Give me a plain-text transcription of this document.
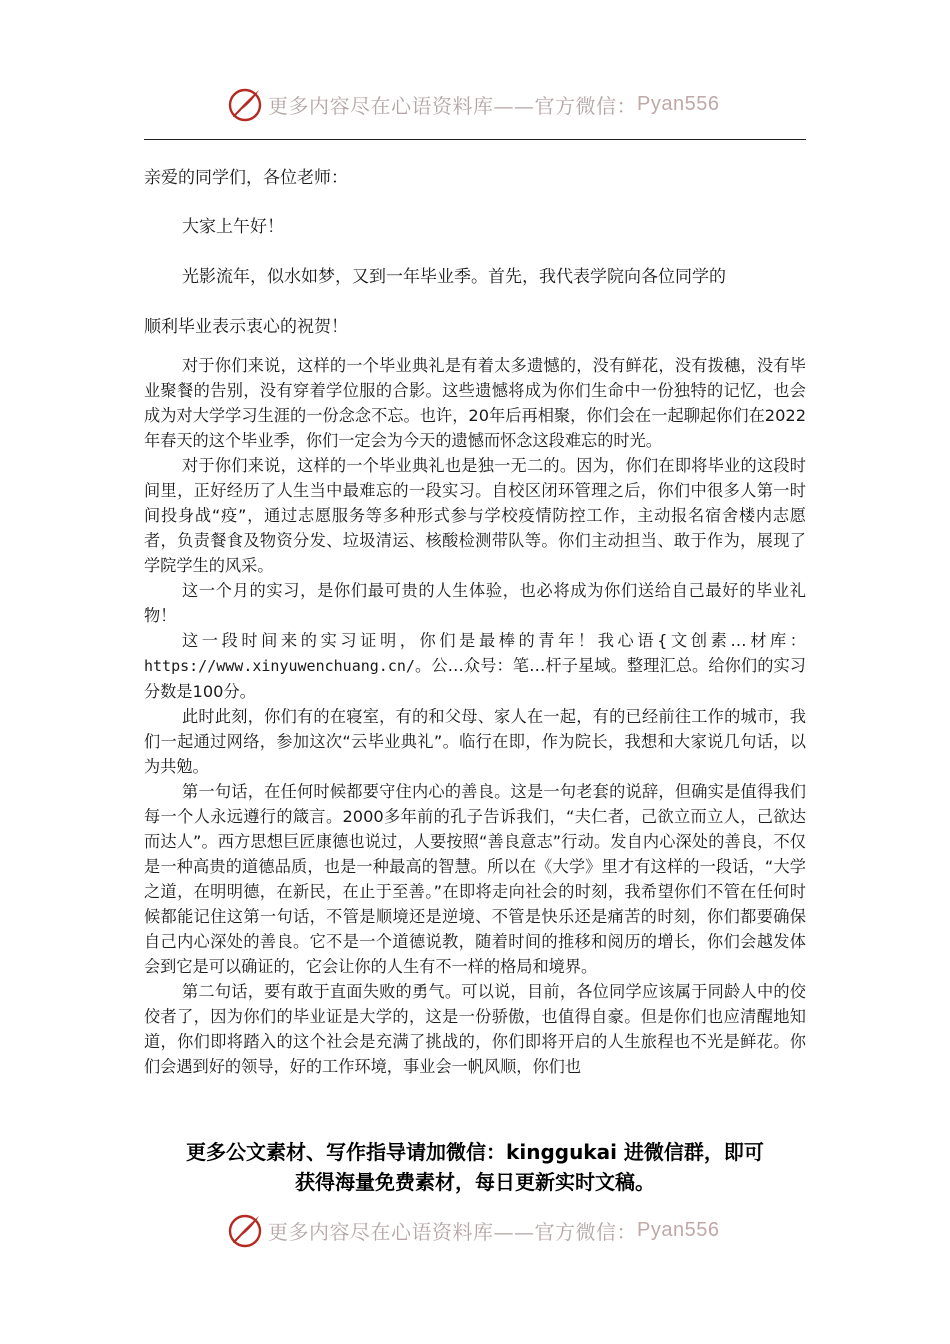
更多内容尽在心语资料库——官方微信： Pyan556
亲爱的同学们，各位老师：
大家上午好！
光影流年，似水如梦，又到一年毕业季。首先，我代表学院向各位同学的
顺利毕业表示衷心的祝贺！

对于你们来说，这样的一个毕业典礼是有着太多遗憾的，没有鲜花，没有拨穗，没有毕业聚餐的告别，没有穿着学位服的合影。这些遗憾将成为你们生命中一份独特的记忆，也会成为对大学学习生涯的一份念念不忘。也许，20年后再相聚，你们会在一起聊起你们在2022年春天的这个毕业季，你们一定会为今天的遗憾而怀念这段难忘的时光。

对于你们来说，这样的一个毕业典礼也是独一无二的。因为，你们在即将毕业的这段时间里，正好经历了人生当中最难忘的一段实习。自校区闭环管理之后，你们中很多人第一时间投身战“疫”，通过志愿服务等多种形式参与学校疫情防控工作，主动报名宿舍楼内志愿者，负责餐食及物资分发、垃圾清运、核酸检测带队等。你们主动担当、敢于作为，展现了学院学生的风采。

这一个月的实习，是你们最可贵的人生体验，也必将成为你们送给自己最好的毕业礼物！

这一段时间来的实习证明，你们是最棒的青年！我心语{文创素…材库：https://www.xinyuwenchuang.cn/。公…众号：笔…杆子星域。整理汇总。给你们的实习分数是100分。

此时此刻，你们有的在寝室，有的和父母、家人在一起，有的已经前往工作的城市，我们一起通过网络，参加这次“云毕业典礼”。临行在即，作为院长，我想和大家说几句话，以为共勉。

第一句话，在任何时候都要守住内心的善良。这是一句老套的说辞，但确实是值得我们每一个人永远遵行的箴言。2000多年前的孔子告诉我们，“夫仁者，己欲立而立人，己欲达而达人”。西方思想巨匠康德也说过，人要按照“善良意志”行动。发自内心深处的善良，不仅是一种高贵的道德品质，也是一种最高的智慧。所以在《大学》里才有这样的一段话，“大学之道，在明明德，在新民，在止于至善。”在即将走向社会的时刻，我希望你们不管在任何时候都能记住这第一句话，不管是顺境还是逆境、不管是快乐还是痛苦的时刻，你们都要确保自己内心深处的善良。它不是一个道德说教，随着时间的推移和阅历的增长，你们会越发体会到它是可以确证的，它会让你的人生有不一样的格局和境界。

第二句话，要有敢于直面失败的勇气。可以说，目前，各位同学应该属于同龄人中的佼佼者了，因为你们的毕业证是大学的，这是一份骄傲，也值得自豪。但是你们也应清醒地知道，你们即将踏入的这个社会是充满了挑战的，你们即将开启的人生旅程也不光是鲜花。你们会遇到好的领导，好的工作环境，事业会一帆风顺，你们也

更多公文素材、写作指导请加微信：kinggukai 进微信群，即可
获得海量免费素材，每日更新实时文稿。
更多内容尽在心语资料库——官方微信： Pyan556
